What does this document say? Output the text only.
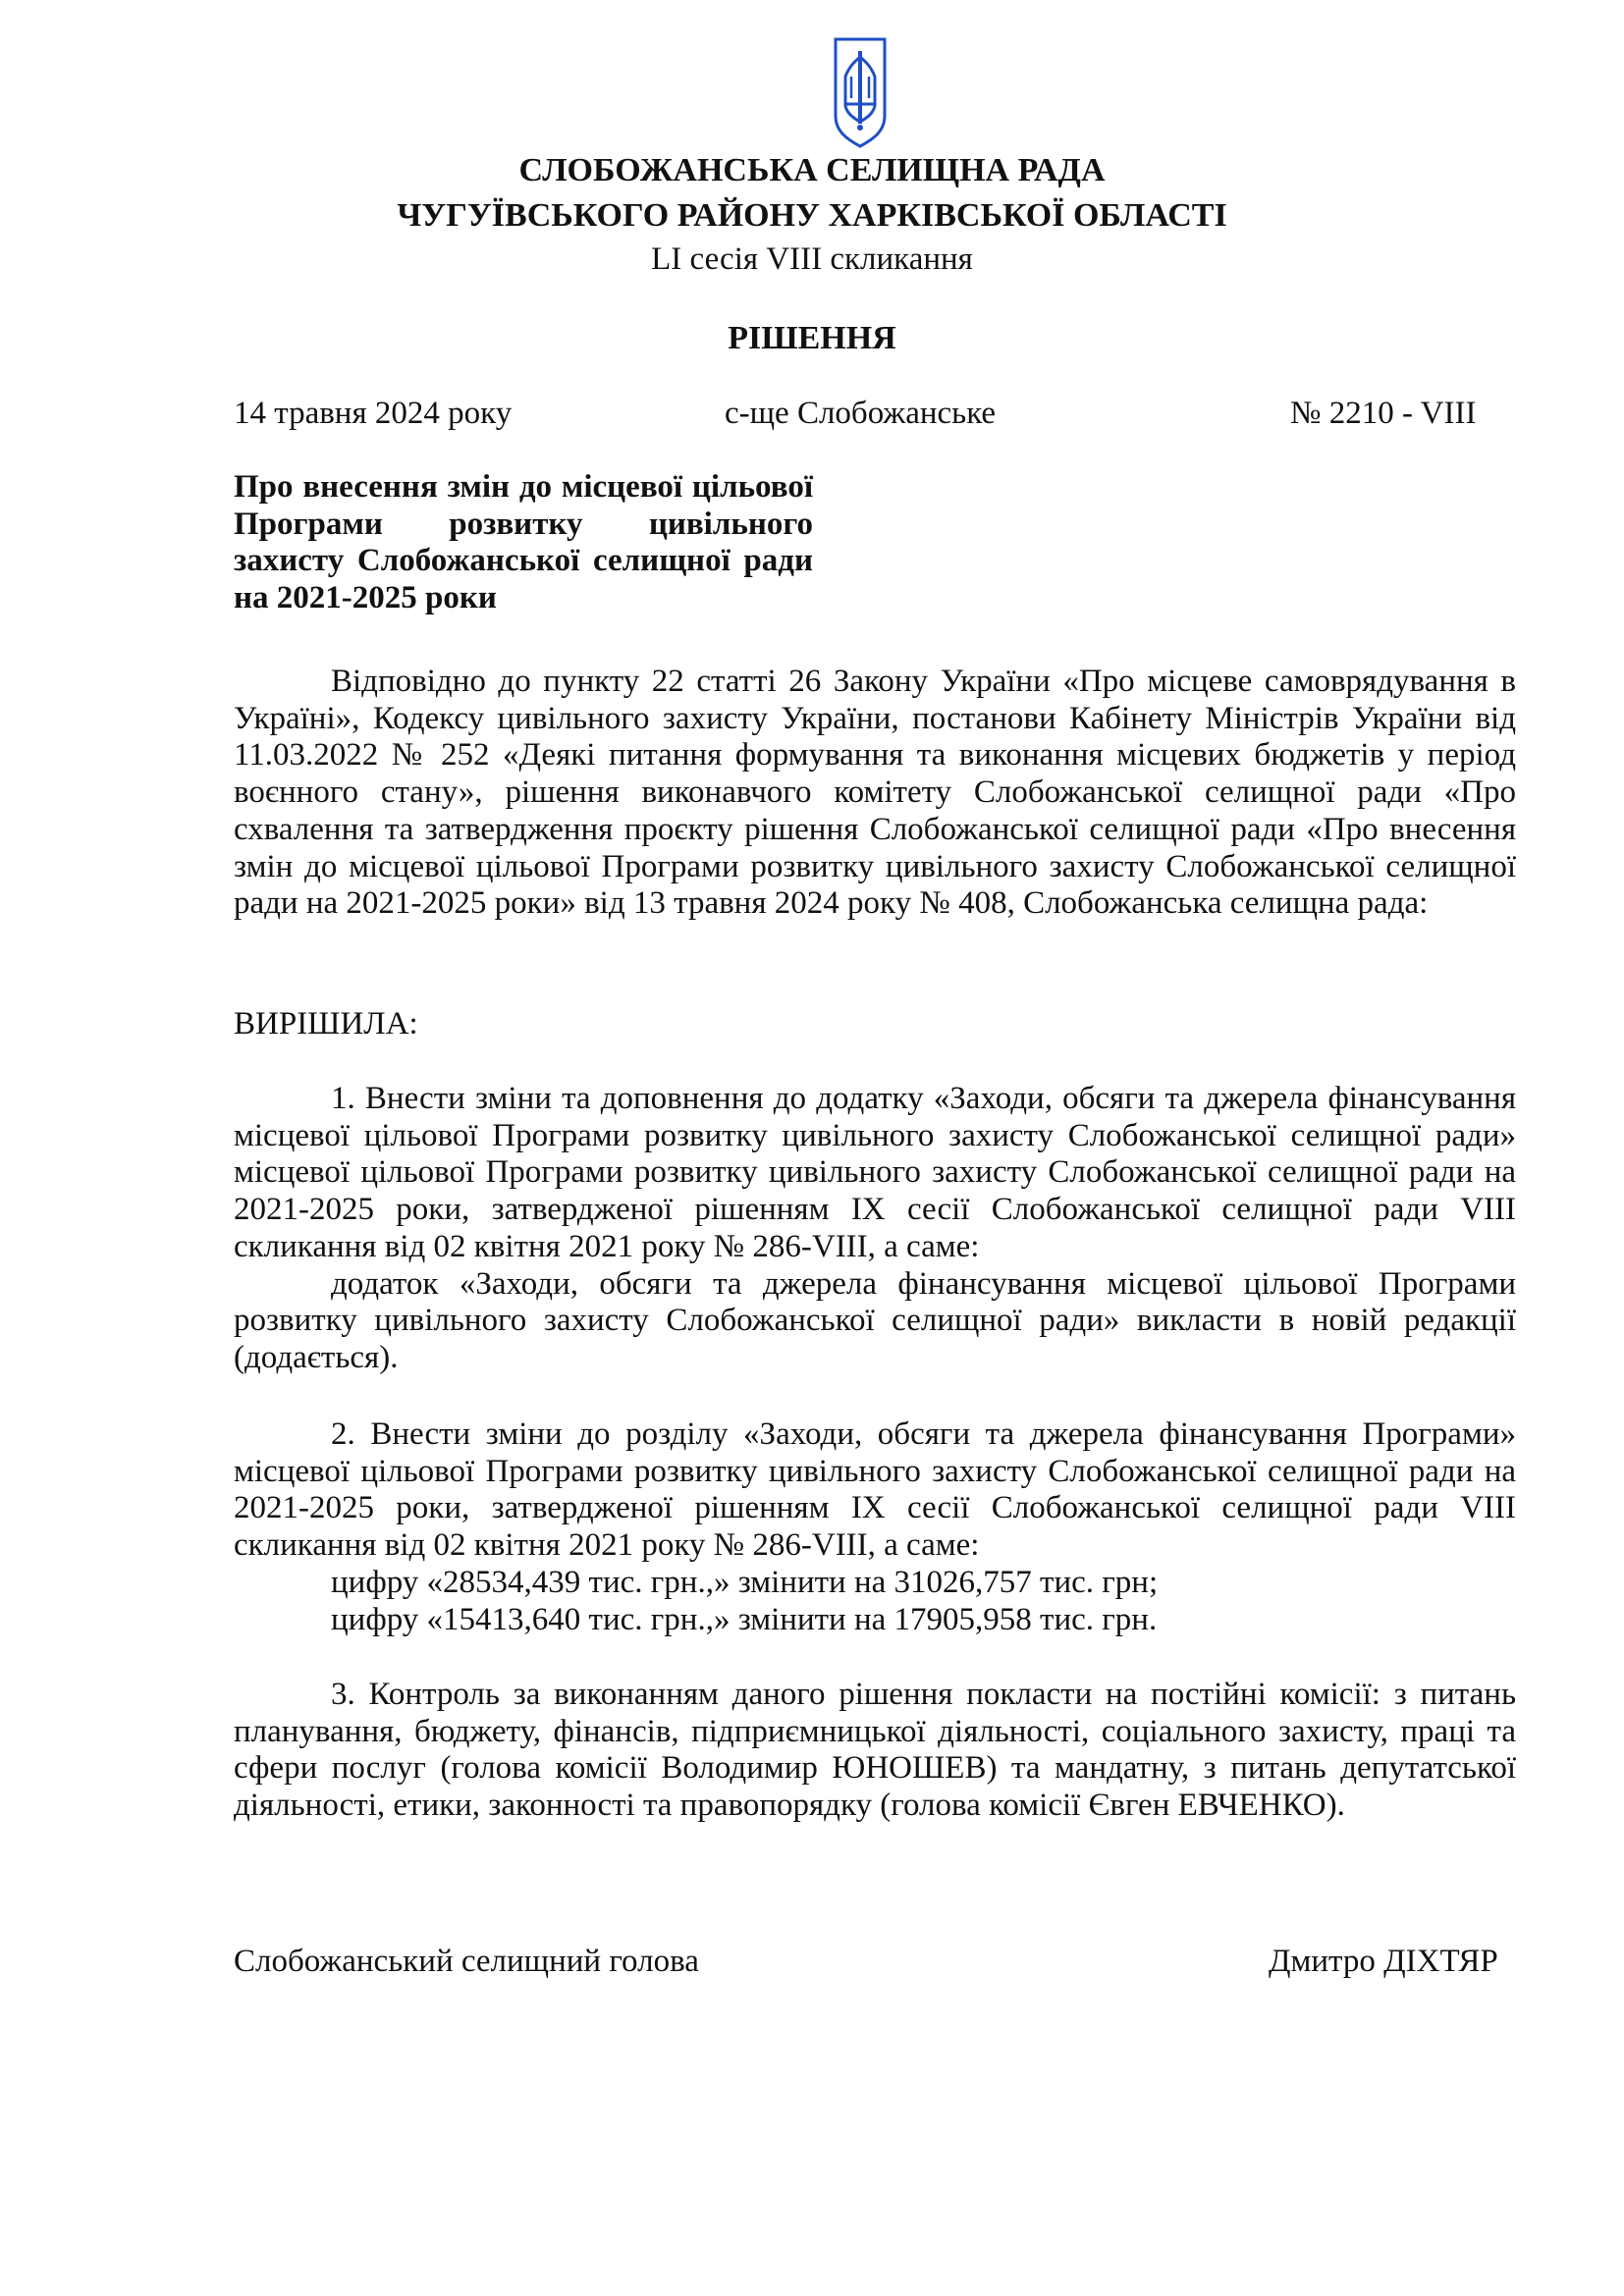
СЛОБОЖАНСЬКА СЕЛИЩНА РАДА
ЧУГУЇВСЬКОГО РАЙОНУ ХАРКІВСЬКОЇ ОБЛАСТІ
LI сесія VIII скликання
РІШЕННЯ
14 травня 2024 року	с-ще Слобожанське	№ 2210 - VIII
Про внесення змін до місцевої цільової
Програми розвитку цивільного
захисту Слобожанської селищної ради
на 2021-2025 роки

Відповідно до пункту 22 статті 26 Закону України «Про місцеве самоврядування в Україні», Кодексу цивільного захисту України, постанови Кабінету Міністрів України від 11.03.2022 № 252 «Деякі питання формування та виконання місцевих бюджетів у період воєнного стану», рішення виконавчого комітету Слобожанської селищної ради «Про схвалення та затвердження проєкту рішення Слобожанської селищної ради «Про внесення змін до місцевої цільової Програми розвитку цивільного захисту Слобожанської селищної ради на 2021-2025 роки» від 13 травня 2024 року № 408, Слобожанська селищна рада:

ВИРІШИЛА:

1. Внести зміни та доповнення до додатку «Заходи, обсяги та джерела фінансування місцевої цільової Програми розвитку цивільного захисту Слобожанської селищної ради» місцевої цільової Програми розвитку цивільного захисту Слобожанської селищної ради на 2021-2025 роки, затвердженої рішенням IX сесії Слобожанської селищної ради VIII скликання від 02 квітня 2021 року № 286-VIII, а саме:

додаток «Заходи, обсяги та джерела фінансування місцевої цільової Програми розвитку цивільного захисту Слобожанської селищної ради» викласти в новій редакції (додається).

2. Внести зміни до розділу «Заходи, обсяги та джерела фінансування Програми» місцевої цільової Програми розвитку цивільного захисту Слобожанської селищної ради на 2021-2025 роки, затвердженої рішенням IX сесії Слобожанської селищної ради VIII скликання від 02 квітня 2021 року № 286-VIII, а саме:

цифру «28534,439 тис. грн.,» змінити на 31026,757 тис. грн;

цифру «15413,640 тис. грн.,» змінити на 17905,958 тис. грн.

3. Контроль за виконанням даного рішення покласти на постійні комісії: з питань планування, бюджету, фінансів, підприємницької діяльності, соціального захисту, праці та сфери послуг (голова комісії Володимир ЮНОШЕВ) та мандатну, з питань депутатської діяльності, етики, законності та правопорядку (голова комісії Євген ЕВЧЕНКО).

Слобожанський селищний голова	Дмитро ДІХТЯР
